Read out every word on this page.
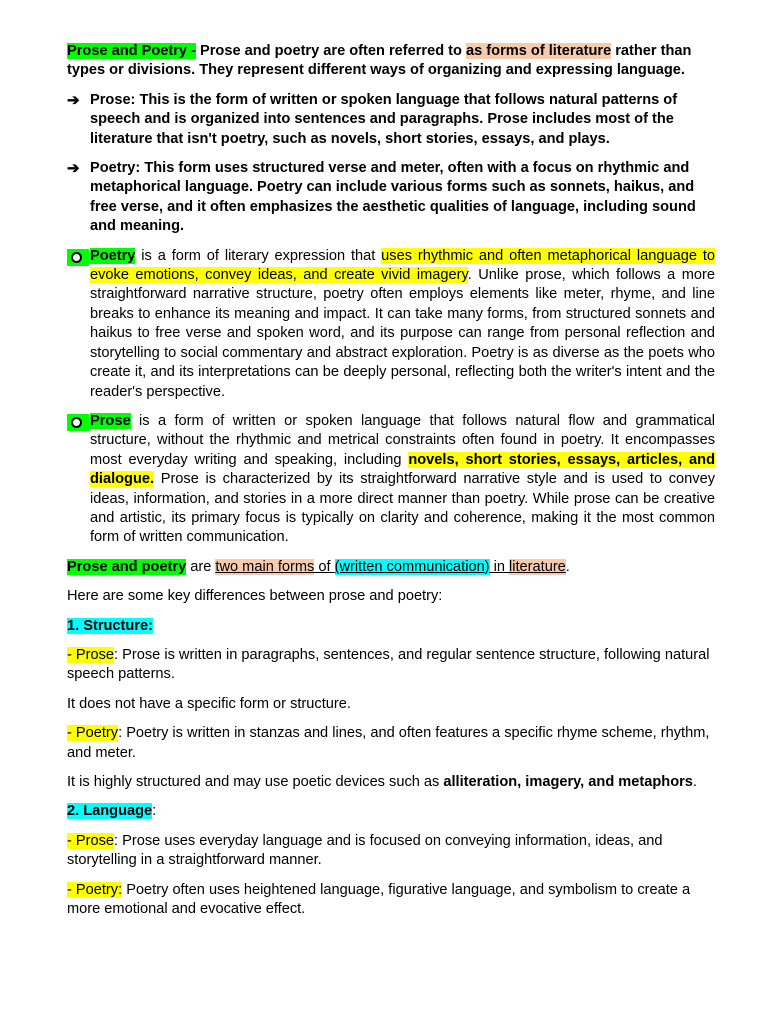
Prose and Poetry - Prose and poetry are often referred to as forms of literature rather than types or divisions. They represent different ways of organizing and expressing language.

➔ Prose: This is the form of written or spoken language that follows natural patterns of speech and is organized into sentences and paragraphs. Prose includes most of the literature that isn't poetry, such as novels, short stories, essays, and plays.
➔ Poetry: This form uses structured verse and meter, often with a focus on rhythmic and metaphorical language. Poetry can include various forms such as sonnets, haikus, and free verse, and it often emphasizes the aesthetic qualities of language, including sound and meaning.
Poetry is a form of literary expression that uses rhythmic and often metaphorical language to evoke emotions, convey ideas, and create vivid imagery. Unlike prose, which follows a more straightforward narrative structure, poetry often employs elements like meter, rhyme, and line breaks to enhance its meaning and impact. It can take many forms, from structured sonnets and haikus to free verse and spoken word, and its purpose can range from personal reflection and storytelling to social commentary and abstract exploration. Poetry is as diverse as the poets who create it, and its interpretations can be deeply personal, reflecting both the writer's intent and the reader's perspective.
Prose is a form of written or spoken language that follows natural flow and grammatical structure, without the rhythmic and metrical constraints often found in poetry. It encompasses most everyday writing and speaking, including novels, short stories, essays, articles, and dialogue. Prose is characterized by its straightforward narrative style and is used to convey ideas, information, and stories in a more direct manner than poetry. While prose can be creative and artistic, its primary focus is typically on clarity and coherence, making it the most common form of written communication.

Prose and poetry are two main forms of (written communication) in literature.

Here are some key differences between prose and poetry:

1. Structure:

- Prose: Prose is written in paragraphs, sentences, and regular sentence structure, following natural speech patterns.

It does not have a specific form or structure.

- Poetry: Poetry is written in stanzas and lines, and often features a specific rhyme scheme, rhythm, and meter.

It is highly structured and may use poetic devices such as alliteration, imagery, and metaphors.

2. Language:

- Prose: Prose uses everyday language and is focused on conveying information, ideas, and storytelling in a straightforward manner.

- Poetry: Poetry often uses heightened language, figurative language, and symbolism to create a more emotional and evocative effect.
